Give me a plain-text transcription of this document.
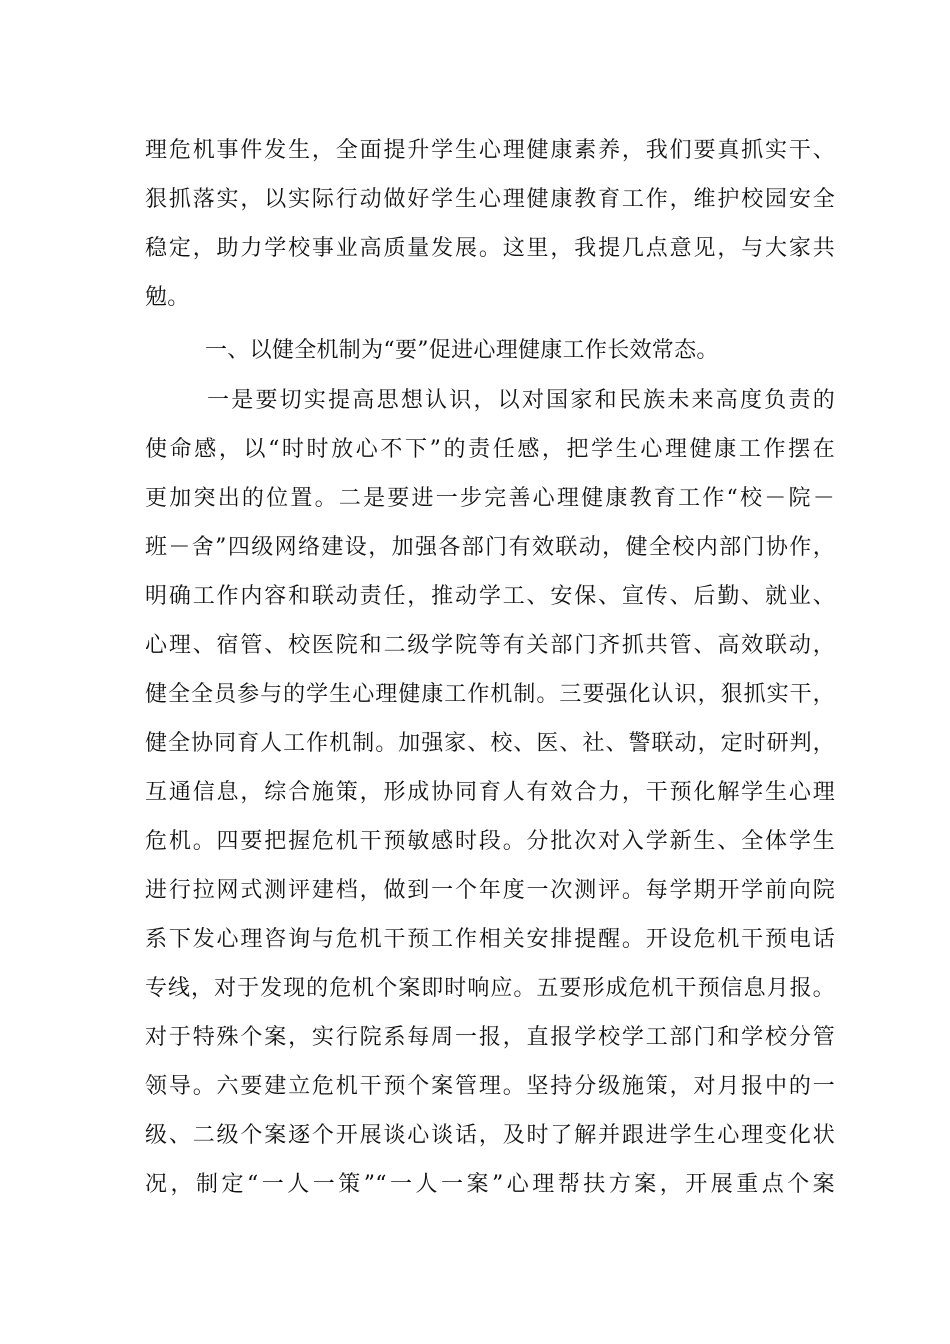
理危机事件发生，全面提升学生心理健康素养，我们要真抓实干、
狠抓落实，以实际行动做好学生心理健康教育工作，维护校园安全
稳定，助力学校事业高质量发展。这里，我提几点意见，与大家共
勉。
一、以健全机制为“要”促进心理健康工作长效常态。
一是要切实提高思想认识，以对国家和民族未来高度负责的
使命感，以“时时放心不下”的责任感，把学生心理健康工作摆在
更加突出的位置。二是要进一步完善心理健康教育工作“校－院－
班－舍”四级网络建设，加强各部门有效联动，健全校内部门协作，
明确工作内容和联动责任，推动学工、安保、宣传、后勤、就业、
心理、宿管、校医院和二级学院等有关部门齐抓共管、高效联动，
健全全员参与的学生心理健康工作机制。三要强化认识，狠抓实干，
健全协同育人工作机制。加强家、校、医、社、警联动，定时研判，
互通信息，综合施策，形成协同育人有效合力，干预化解学生心理
危机。四要把握危机干预敏感时段。分批次对入学新生、全体学生
进行拉网式测评建档，做到一个年度一次测评。每学期开学前向院
系下发心理咨询与危机干预工作相关安排提醒。开设危机干预电话
专线，对于发现的危机个案即时响应。五要形成危机干预信息月报。
对于特殊个案，实行院系每周一报，直报学校学工部门和学校分管
领导。六要建立危机干预个案管理。坚持分级施策，对月报中的一
级、二级个案逐个开展谈心谈话，及时了解并跟进学生心理变化状
况，制定“一人一策”“一人一案”心理帮扶方案，开展重点个案
